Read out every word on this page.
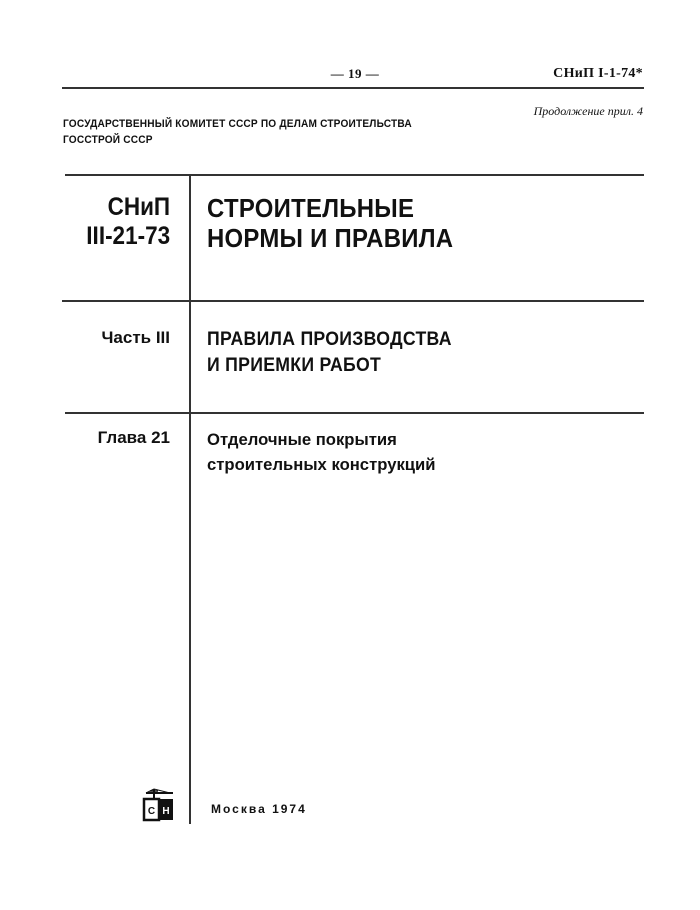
— 19 —	СНиП I-1-74*
Продолжение прил. 4
ГОСУДАРСТВЕННЫЙ КОМИТЕТ СССР ПО ДЕЛАМ СТРОИТЕЛЬСТВА
ГОССТРОЙ СССР
СНиП
III-21-73
СТРОИТЕЛЬНЫЕ
НОРМЫ И ПРАВИЛА
Часть III ПРАВИЛА ПРОИЗВОДСТВА
И ПРИЕМКИ РАБОТ
Глава 21 Отделочные покрытия
строительных конструкций
С Н	Москва 1974
